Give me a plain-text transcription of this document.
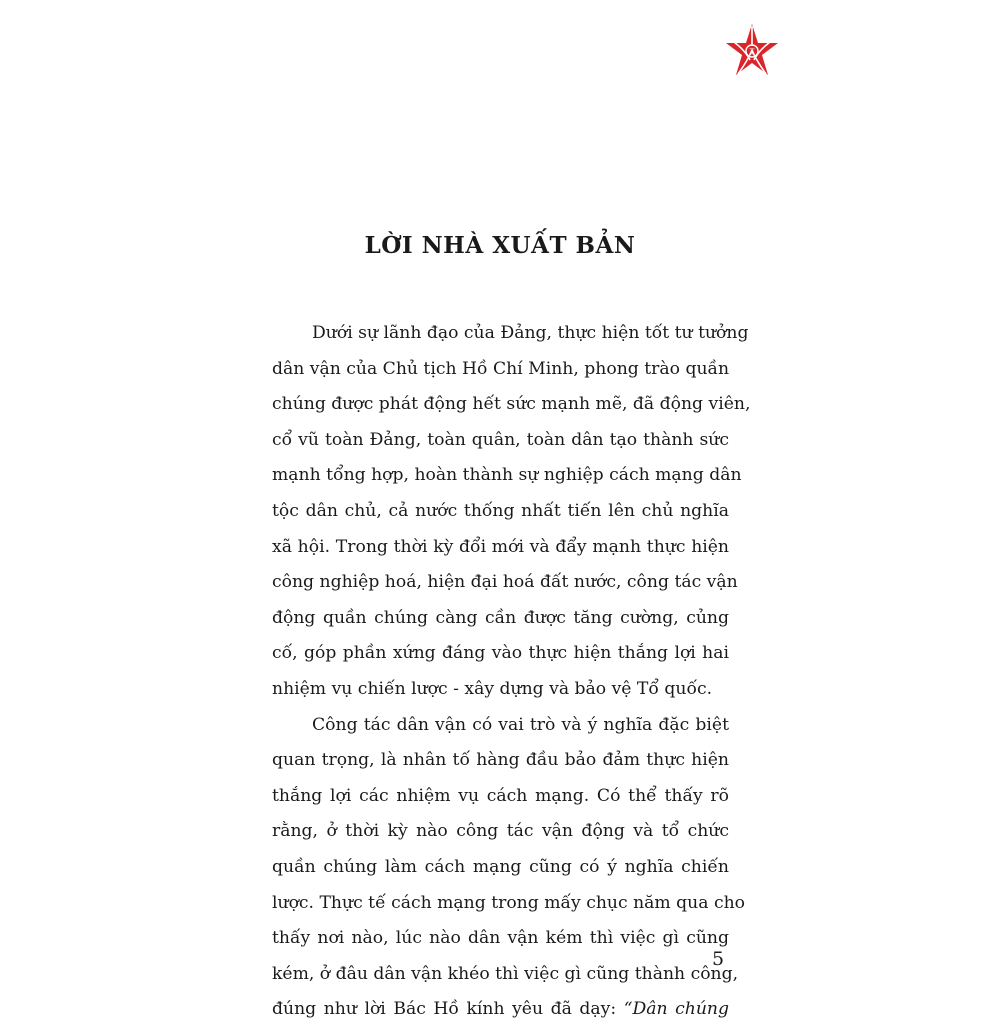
T
LỜI NHÀ XUẤT BẢN
Dưới sự lãnh đạo của Đảng, thực hiện tốt tư tưởng
dân vận của Chủ tịch Hồ Chí Minh, phong trào quần
chúng được phát động hết sức mạnh mẽ, đã động viên,
cổ vũ toàn Đảng, toàn quân, toàn dân tạo thành sức
mạnh tổng hợp, hoàn thành sự nghiệp cách mạng dân
tộc dân chủ, cả nước thống nhất tiến lên chủ nghĩa
xã hội. Trong thời kỳ đổi mới và đẩy mạnh thực hiện
công nghiệp hoá, hiện đại hoá đất nước, công tác vận
động quần chúng càng cần được tăng cường, củng
cố, góp phần xứng đáng vào thực hiện thắng lợi hai
nhiệm vụ chiến lược - xây dựng và bảo vệ Tổ quốc.
Công tác dân vận có vai trò và ý nghĩa đặc biệt
quan trọng, là nhân tố hàng đầu bảo đảm thực hiện
thắng lợi các nhiệm vụ cách mạng. Có thể thấy rõ
rằng, ở thời kỳ nào công tác vận động và tổ chức
quần chúng làm cách mạng cũng có ý nghĩa chiến
lược. Thực tế cách mạng trong mấy chục năm qua cho
thấy nơi nào, lúc nào dân vận kém thì việc gì cũng
kém, ở đâu dân vận khéo thì việc gì cũng thành công,
đúng như lời Bác Hồ kính yêu đã dạy: “Dân chúng
5
